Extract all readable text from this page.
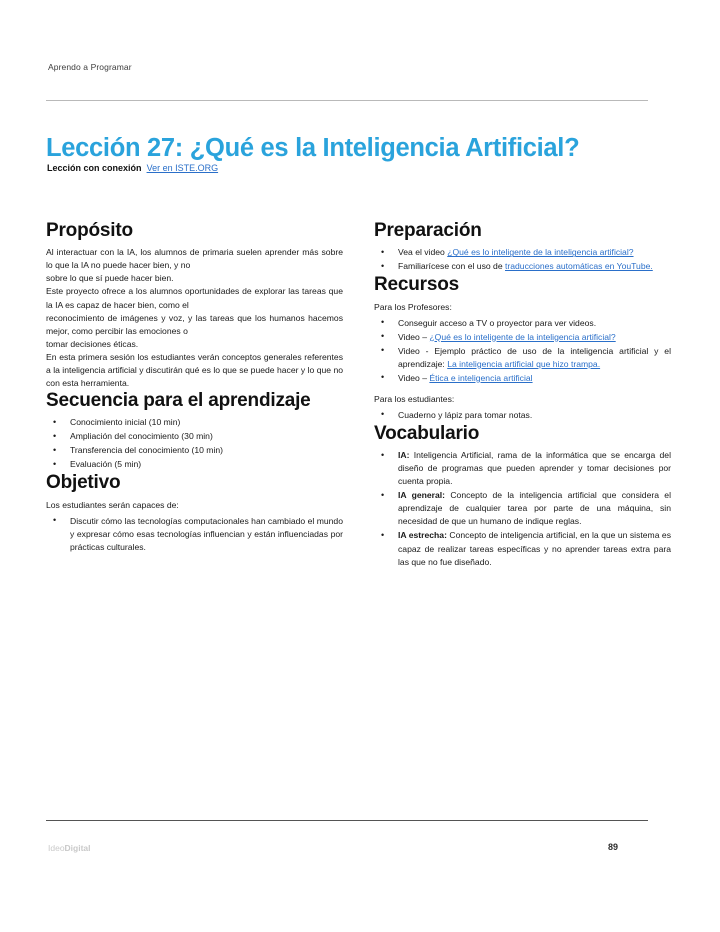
Aprendo a Programar
Lección 27: ¿Qué es la Inteligencia Artificial?
Lección con conexión Ver en ISTE.ORG
Propósito

Al interactuar con la IA, los alumnos de primaria suelen aprender más sobre lo que la IA no puede hacer bien, y no

sobre lo que sí puede hacer bien.

Este proyecto ofrece a los alumnos oportunidades de explorar las tareas que la IA es capaz de hacer bien, como el

reconocimiento de imágenes y voz, y las tareas que los humanos hacemos mejor, como percibir las emociones o

tomar decisiones éticas.

En esta primera sesión los estudiantes verán conceptos generales referentes a la inteligencia artificial y discutirán qué es lo que se puede hacer y lo que no con esta herramienta.

Secuencia para el aprendizaje
• Conocimiento inicial (10 min)
• Ampliación del conocimiento (30 min)
• Transferencia del conocimiento (10 min)
• Evaluación (5 min)
Objetivo

Los estudiantes serán capaces de:

• Discutir cómo las tecnologías computacionales han cambiado el mundo y expresar cómo esas tecnologías influencian y están influenciadas por prácticas culturales.
Preparación
• Vea el video ¿Qué es lo inteligente de la inteligencia artificial?
• Familiarícese con el uso de traducciones automáticas en YouTube.
Recursos

Para los Profesores:

• Conseguir acceso a TV o proyector para ver videos.
• Video – ¿Qué es lo inteligente de la inteligencia artificial?
• Video - Ejemplo práctico de uso de la inteligencia artificial y el aprendizaje: La inteligencia artificial que hizo trampa.
• Video – Ética e inteligencia artificial

Para los estudiantes:

• Cuaderno y lápiz para tomar notas.
Vocabulario
• IA: Inteligencia Artificial, rama de la informática que se encarga del diseño de programas que pueden aprender y tomar decisiones por cuenta propia.
• IA general: Concepto de la inteligencia artificial que considera el aprendizaje de cualquier tarea por parte de una máquina, sin necesidad de que un humano de indique reglas.
• IA estrecha: Concepto de inteligencia artificial, en la que un sistema es capaz de realizar tareas específicas y no aprender tareas extra para las que no fue diseñado.
IdeoDigital	89
